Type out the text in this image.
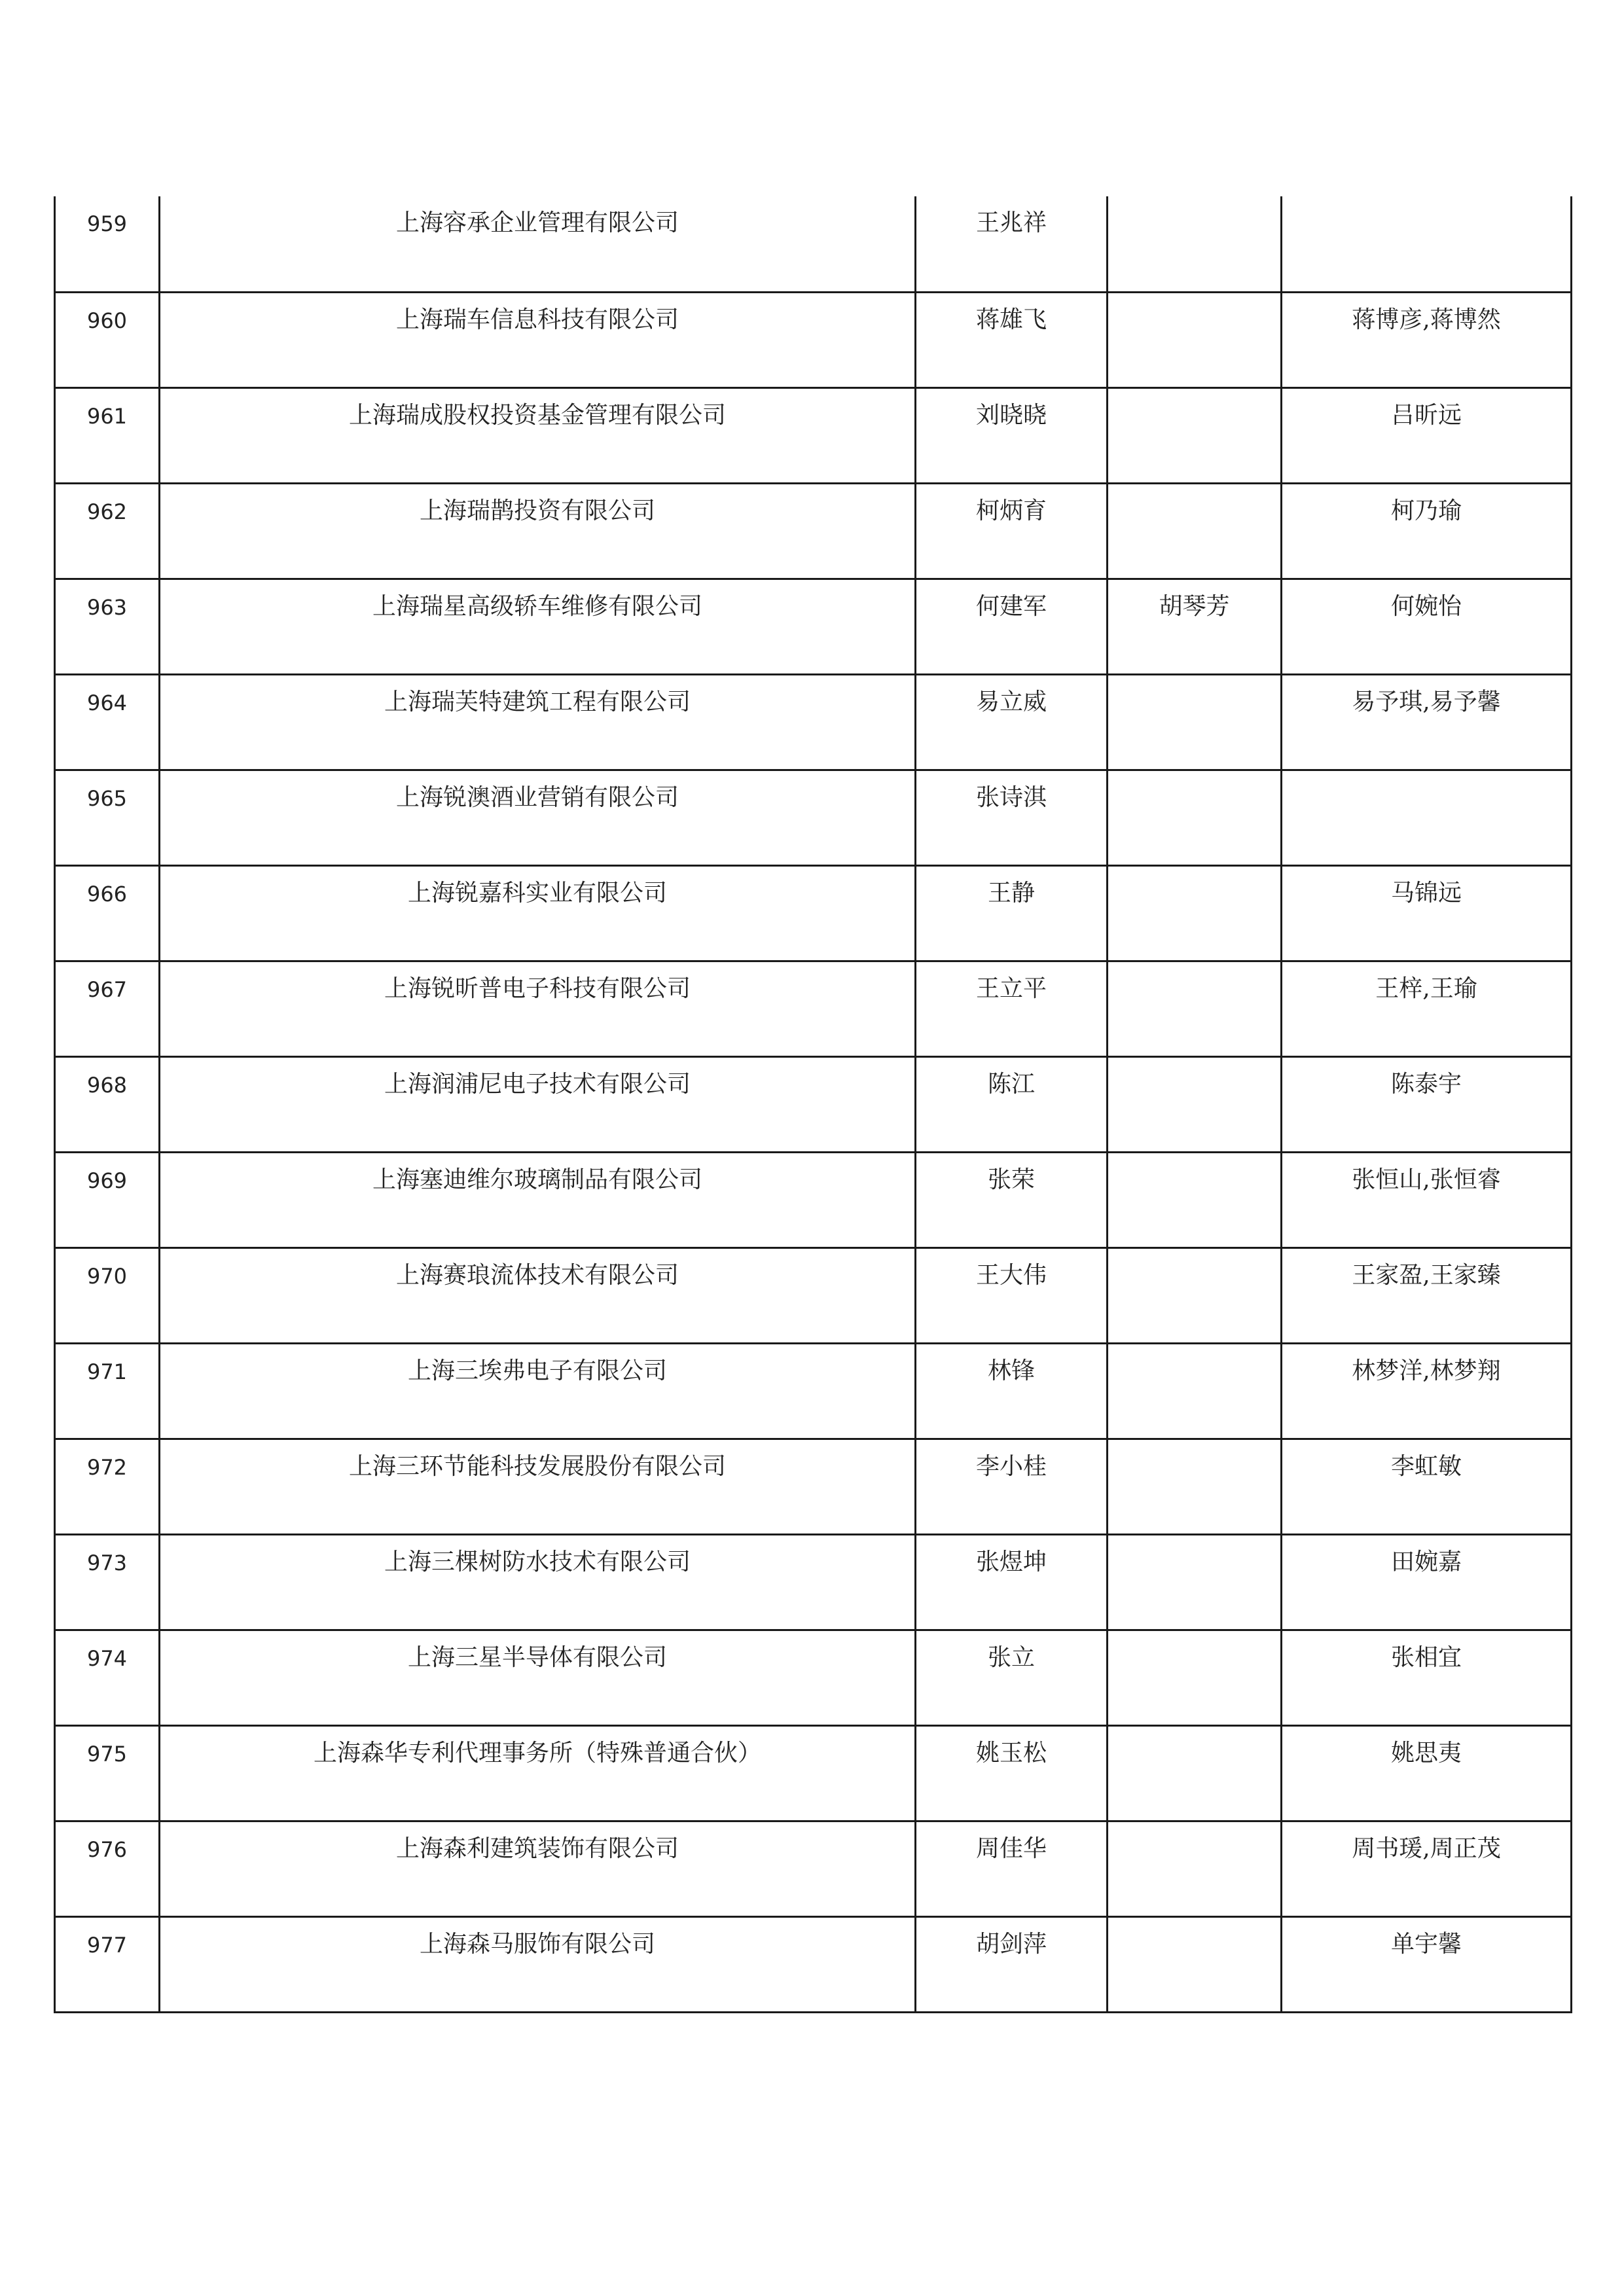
959	上海容承企业管理有限公司	王兆祥		

960	上海瑞车信息科技有限公司	蒋雄飞		蒋博彦,蒋博然

961	上海瑞成股权投资基金管理有限公司	刘晓晓		吕昕远

962	上海瑞鹊投资有限公司	柯炳育		柯乃瑜

963	上海瑞星高级轿车维修有限公司	何建军	胡琴芳	何婉怡

964	上海瑞芙特建筑工程有限公司	易立威		易予琪,易予馨

965	上海锐澳酒业营销有限公司	张诗淇		

966	上海锐嘉科实业有限公司	王静		马锦远

967	上海锐昕普电子科技有限公司	王立平		王梓,王瑜

968	上海润浦尼电子技术有限公司	陈江		陈泰宇

969	上海塞迪维尔玻璃制品有限公司	张荣		张恒山,张恒睿

970	上海赛琅流体技术有限公司	王大伟		王家盈,王家臻

971	上海三埃弗电子有限公司	林锋		林梦洋,林梦翔

972	上海三环节能科技发展股份有限公司	李小桂		李虹敏

973	上海三棵树防水技术有限公司	张煜坤		田婉嘉

974	上海三星半导体有限公司	张立		张相宜

975	上海森华专利代理事务所（特殊普通合伙）	姚玉松		姚思夷

976	上海森利建筑装饰有限公司	周佳华		周书瑗,周正茂

977	上海森马服饰有限公司	胡剑萍		单宇馨
